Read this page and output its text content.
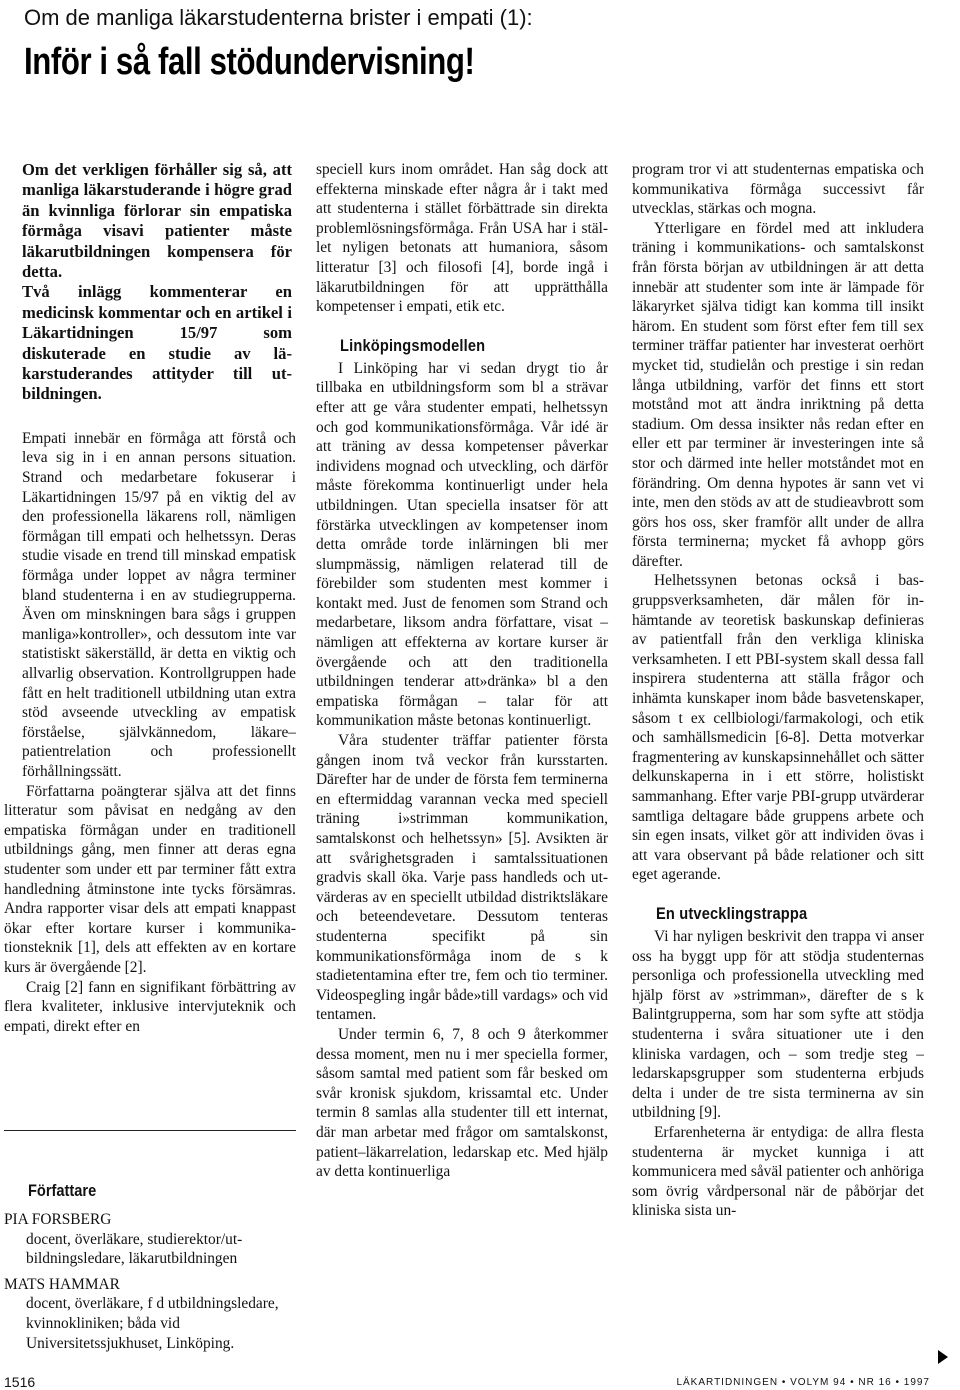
Om de manliga läkarstudenterna brister i empati (1):
Inför i så fall stödundervisning!

Om det verkligen förhåller sig så, att manliga läkarstuderande i högre grad än kvinnliga förlorar sin empatiska förmåga visavi patienter måste läkarutbildningen kompensera för detta.

Två inlägg kommenterar en medicinsk kommentar och en artikel i Läkartidningen 15/97 som diskuterade en studie av läkarstuderandes attityder till utbildningen.

Empati innebär en förmåga att förstå och leva sig in i en annan persons situation. Strand och medarbetare fokuserar i Läkartidningen 15/97 på en viktig del av den professionella läkarens roll, nämligen förmågan till empati och helhetssyn. Deras studie visade en trend till minskad empatisk förmåga under loppet av några terminer bland studenterna i en av studiegrupperna. Även om minskningen bara sågs i gruppen manliga»kontroller», och dessutom inte var statistiskt säkerställd, är detta en viktig och allvarlig observation. Kontrollgruppen hade fått en helt traditionell utbildning utan extra stöd avseende utveckling av empatisk förståelse, självkännedom, läkare–patientrelation och professionellt förhållningssätt.

Författarna poängterar själva att det finns litteratur som påvisat en nedgång av den empatiska förmågan under en traditionell utbildnings gång, men finner att deras egna studenter som under ett par terminer fått extra handledning åtminstone inte tycks försämras. Andra rapporter visar dels att empati knappast ökar efter kortare kurser i kommunikationsteknik [1], dels att effekten av en kortare kurs är övergående [2].

Craig [2] fann en signifikant förbättring av flera kvaliteter, inklusive intervjuteknik och empati, direkt efter en

Författare

PIA FORSBERG

docent, överläkare, studierektor/utbildningsledare, läkarutbildningen

MATS HAMMAR

docent, överläkare, f d utbildningsledare, kvinnokliniken; båda vid Universitetssjukhuset, Linköping.

speciell kurs inom området. Han såg dock att effekterna minskade efter några år i takt med att studenterna i stället förbättrade sin direkta problemlösningsförmåga. Från USA har i stället nyligen betonats att humaniora, såsom litteratur [3] och filosofi [4], borde ingå i läkarutbildningen för att upprätthålla kompetenser i empati, etik etc.

Linköpingsmodellen

I Linköping har vi sedan drygt tio år tillbaka en utbildningsform som bl a strävar efter att ge våra studenter empati, helhetssyn och god kommunikationsförmåga. Vår idé är att träning av dessa kompetenser påverkar individens mognad och utveckling, och därför måste förekomma kontinuerligt under hela utbildningen. Utan speciella insatser för att förstärka utvecklingen av kompetenser inom detta område torde inlärningen bli mer slumpmässig, nämligen relaterad till de förebilder som studenten mest kommer i kontakt med. Just de fenomen som Strand och medarbetare, liksom andra författare, visat – nämligen att effekterna av kortare kurser är övergående och att den traditionella utbildningen tenderar att»dränka» bl a den empatiska förmågan – talar för att kommunikation måste betonas kontinuerligt.

Våra studenter träffar patienter första gången inom två veckor från kursstarten. Därefter har de under de första fem terminerna en eftermiddag varannan vecka med speciell träning i»strimman kommunikation, samtalskonst och helhetssyn» [5]. Avsikten är att svårighetsgraden i samtalssituationen gradvis skall öka. Varje pass handleds och utvärderas av en speciellt utbildad distriktsläkare och beteendevetare. Dessutom tenteras studenterna specifikt på sin kommunikationsförmåga inom de s k stadietentamina efter tre, fem och tio terminer. Videospegling ingår både»till vardags» och vid tentamen.

Under termin 6, 7, 8 och 9 återkommer dessa moment, men nu i mer speciella former, såsom samtal med patient som får besked om svår kronisk sjukdom, krissamtal etc. Under termin 8 samlas alla studenter till ett internat, där man arbetar med frågor om samtalskonst, patient–läkarrelation, ledarskap etc. Med hjälp av detta kontinuerliga

program tror vi att studenternas empatiska och kommunikativa förmåga successivt får utvecklas, stärkas och mogna.

Ytterligare en fördel med att inkludera träning i kommunikations- och samtalskonst från första början av utbildningen är att detta innebär att studenter som inte är lämpade för läkaryrket själva tidigt kan komma till insikt härom. En student som först efter fem till sex terminer träffar patienter har investerat oerhört mycket tid, studielån och prestige i sin redan långa utbildning, varför det finns ett stort motstånd mot att ändra inriktning på detta stadium. Om dessa insikter nås redan efter en eller ett par terminer är investeringen inte så stor och därmed inte heller motståndet mot en förändring. Om denna hypotes är sann vet vi inte, men den stöds av att de studieavbrott som görs hos oss, sker framför allt under de allra första terminerna; mycket få avhopp görs därefter.

Helhetssynen betonas också i basgruppsverksamheten, där målen för inhämtande av teoretisk baskunskap definieras av patientfall från den verkliga kliniska verksamheten. I ett PBI-system skall dessa fall inspirera studenterna att ställa frågor och inhämta kunskaper inom både basvetenskaper, såsom t ex cellbiologi/farmakologi, och etik och samhällsmedicin [6-8]. Detta motverkar fragmentering av kunskapsinnehållet och sätter delkunskaperna in i ett större, holistiskt sammanhang. Efter varje PBI-grupp utvärderar samtliga deltagare både gruppens arbete och sin egen insats, vilket gör att individen övas i att vara observant på både relationer och sitt eget agerande.

En utvecklingstrappa

Vi har nyligen beskrivit den trappa vi anser oss ha byggt upp för att stödja studenternas personliga och professionella utveckling med hjälp först av »strimman», därefter de s k Balintgrupperna, som har som syfte att stödja studenterna i svåra situationer ute i den kliniska vardagen, och – som tredje steg – ledarskapsgrupper som studenterna erbjuds delta i under de tre sista terminerna av sin utbildning [9].

Erfarenheterna är entydiga: de allra flesta studenterna är mycket kunniga i att kommunicera med såväl patienter och anhöriga som övrig vårdpersonal när de påbörjar det kliniska sista un-

1516	LÄKARTIDNINGEN • VOLYM 94 • NR 16 • 1997
